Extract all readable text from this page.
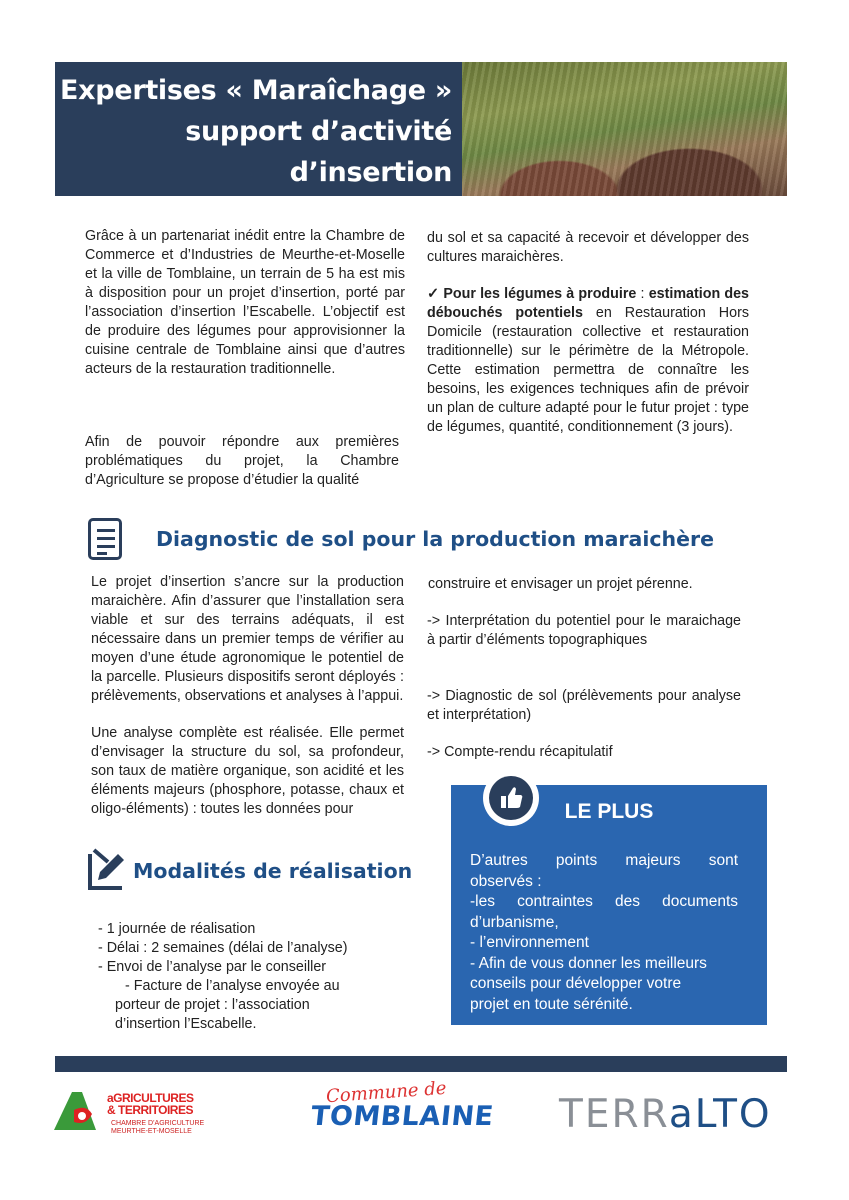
Expertises « Maraîchage »
support d’activité
d’insertion
Grâce à un partenariat inédit entre la Chambre de Commerce et d’Industries de Meurthe-et-Moselle et la ville de Tomblaine, un terrain de 5 ha est mis à disposition pour un projet d’insertion, porté par l’association d’insertion l’Escabelle. L’objectif est de produire des légumes pour approvisionner la cuisine centrale de Tomblaine ainsi que d’autres acteurs de la restauration traditionnelle.
Afin de pouvoir répondre aux premières problématiques du projet, la Chambre d’Agriculture se propose d’étudier la qualité
du sol et sa capacité à recevoir et développer des cultures maraichères.
✓ Pour les légumes à produire : estimation des débouchés potentiels en Restauration Hors Domicile (restauration collective et restauration traditionnelle) sur le périmètre de la Métropole. Cette estimation permettra de connaître les besoins, les exigences techniques afin de prévoir un plan de culture adapté pour le futur projet : type de légumes, quantité, conditionnement (3 jours).
Diagnostic de sol pour la production maraichère
Le projet d’insertion s’ancre sur la production maraichère. Afin d’assurer que l’installation sera viable et sur des terrains adéquats, il est nécessaire dans un premier temps de vérifier au moyen d’une étude agronomique le potentiel de la parcelle. Plusieurs dispositifs seront déployés : prélèvements, observations et analyses à l’appui.
Une analyse complète est réalisée. Elle permet d’envisager la structure du sol, sa profondeur, son taux de matière organique, son acidité et les éléments majeurs (phosphore, potasse, chaux et oligo-éléments) : toutes les données pour
construire et envisager un projet pérenne.
-> Interprétation du potentiel pour le maraichage à partir d’éléments topographiques
-> Diagnostic de sol (prélèvements pour analyse et interprétation)
-> Compte-rendu récapitulatif
LE PLUS
D’autres points majeurs sont
observés :
-les contraintes des documents
d’urbanisme,
- l’environnement
- Afin de vous donner les meilleurs
conseils pour développer votre
projet en toute sérénité.
Modalités de réalisation
- 1 journée de réalisation
- Délai : 2 semaines (délai de l’analyse)
- Envoi de l’analyse par le conseiller
- Facture de l’analyse envoyée au
porteur de projet : l’association
d’insertion l’Escabelle.
aGRICULTURES
& TERRITOIRES
CHAMBRE D’AGRICULTURE
MEURTHE-ET-MOSELLE
Commune de
TOMBLAINE TERRaLTO
